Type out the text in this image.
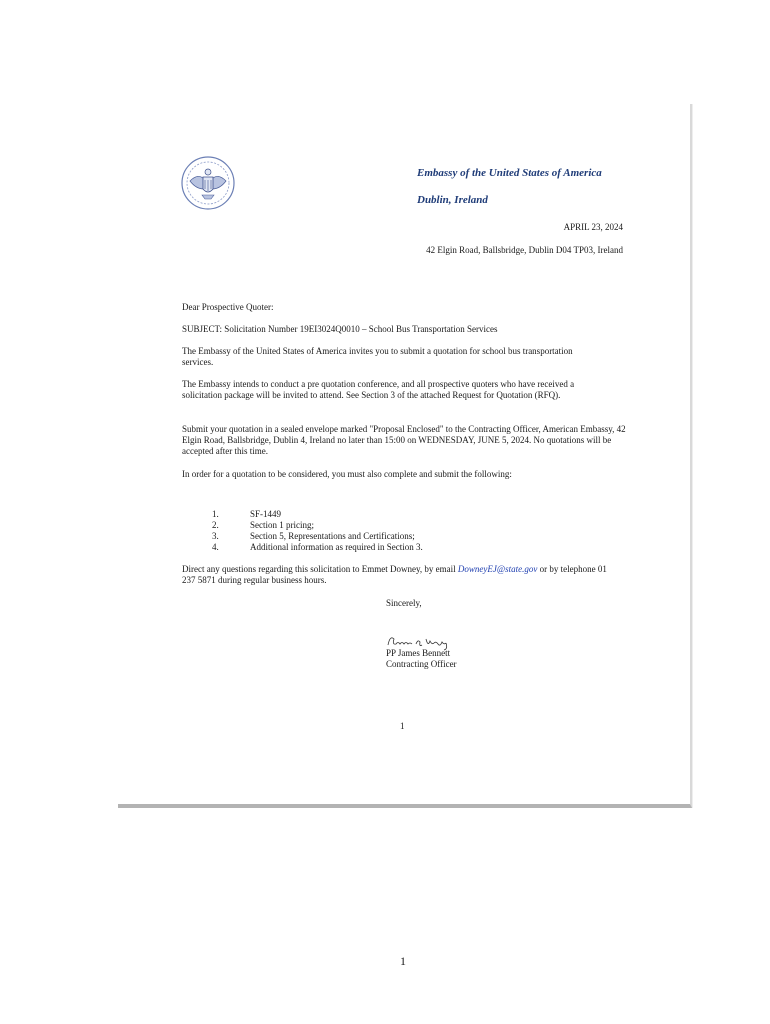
Embassy of the United States of America
Dublin, Ireland
APRIL 23, 2024
42 Elgin Road, Ballsbridge, Dublin D04 TP03, Ireland
Dear Prospective Quoter:
SUBJECT: Solicitation Number 19EI3024Q0010 – School Bus Transportation Services
The Embassy of the United States of America invites you to submit a quotation for school bus transportation services.
The Embassy intends to conduct a pre quotation conference, and all prospective quoters who have received a solicitation package will be invited to attend. See Section 3 of the attached Request for Quotation (RFQ).
Submit your quotation in a sealed envelope marked "Proposal Enclosed" to the Contracting Officer, American Embassy, 42 Elgin Road, Ballsbridge, Dublin 4, Ireland no later than 15:00 on WEDNESDAY, JUNE 5, 2024. No quotations will be accepted after this time.
In order for a quotation to be considered, you must also complete and submit the following:
1.	SF-1449
2.	Section 1 pricing;
3.	Section 5, Representations and Certifications;
4.	Additional information as required in Section 3.
Direct any questions regarding this solicitation to Emmet Downey, by email DowneyEJ@state.gov or by telephone 01 237 5871 during regular business hours.
Sincerely,
PP James Bennett
Contracting Officer
1
1
